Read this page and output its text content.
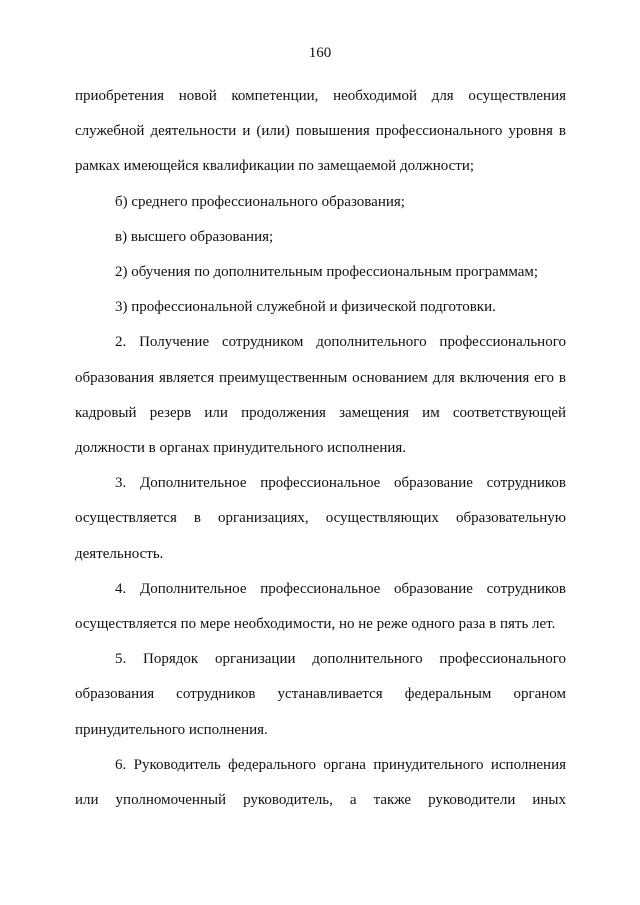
160

приобретения новой компетенции, необходимой для осуществления служебной деятельности и (или) повышения профессионального уровня в рамках имеющейся квалификации по замещаемой должности;

б) среднего профессионального образования;

в) высшего образования;

2) обучения по дополнительным профессиональным программам;

3) профессиональной служебной и физической подготовки.

2. Получение сотрудником дополнительного профессионального образования является преимущественным основанием для включения его в кадровый резерв или продолжения замещения им соответствующей должности в органах принудительного исполнения.

3. Дополнительное профессиональное образование сотрудников осуществляется в организациях, осуществляющих образовательную деятельность.

4. Дополнительное профессиональное образование сотрудников осуществляется по мере необходимости, но не реже одного раза в пять лет.

5. Порядок организации дополнительного профессионального образования сотрудников устанавливается федеральным органом принудительного исполнения.

6. Руководитель федерального органа принудительного исполнения или уполномоченный руководитель, а также руководители иных
